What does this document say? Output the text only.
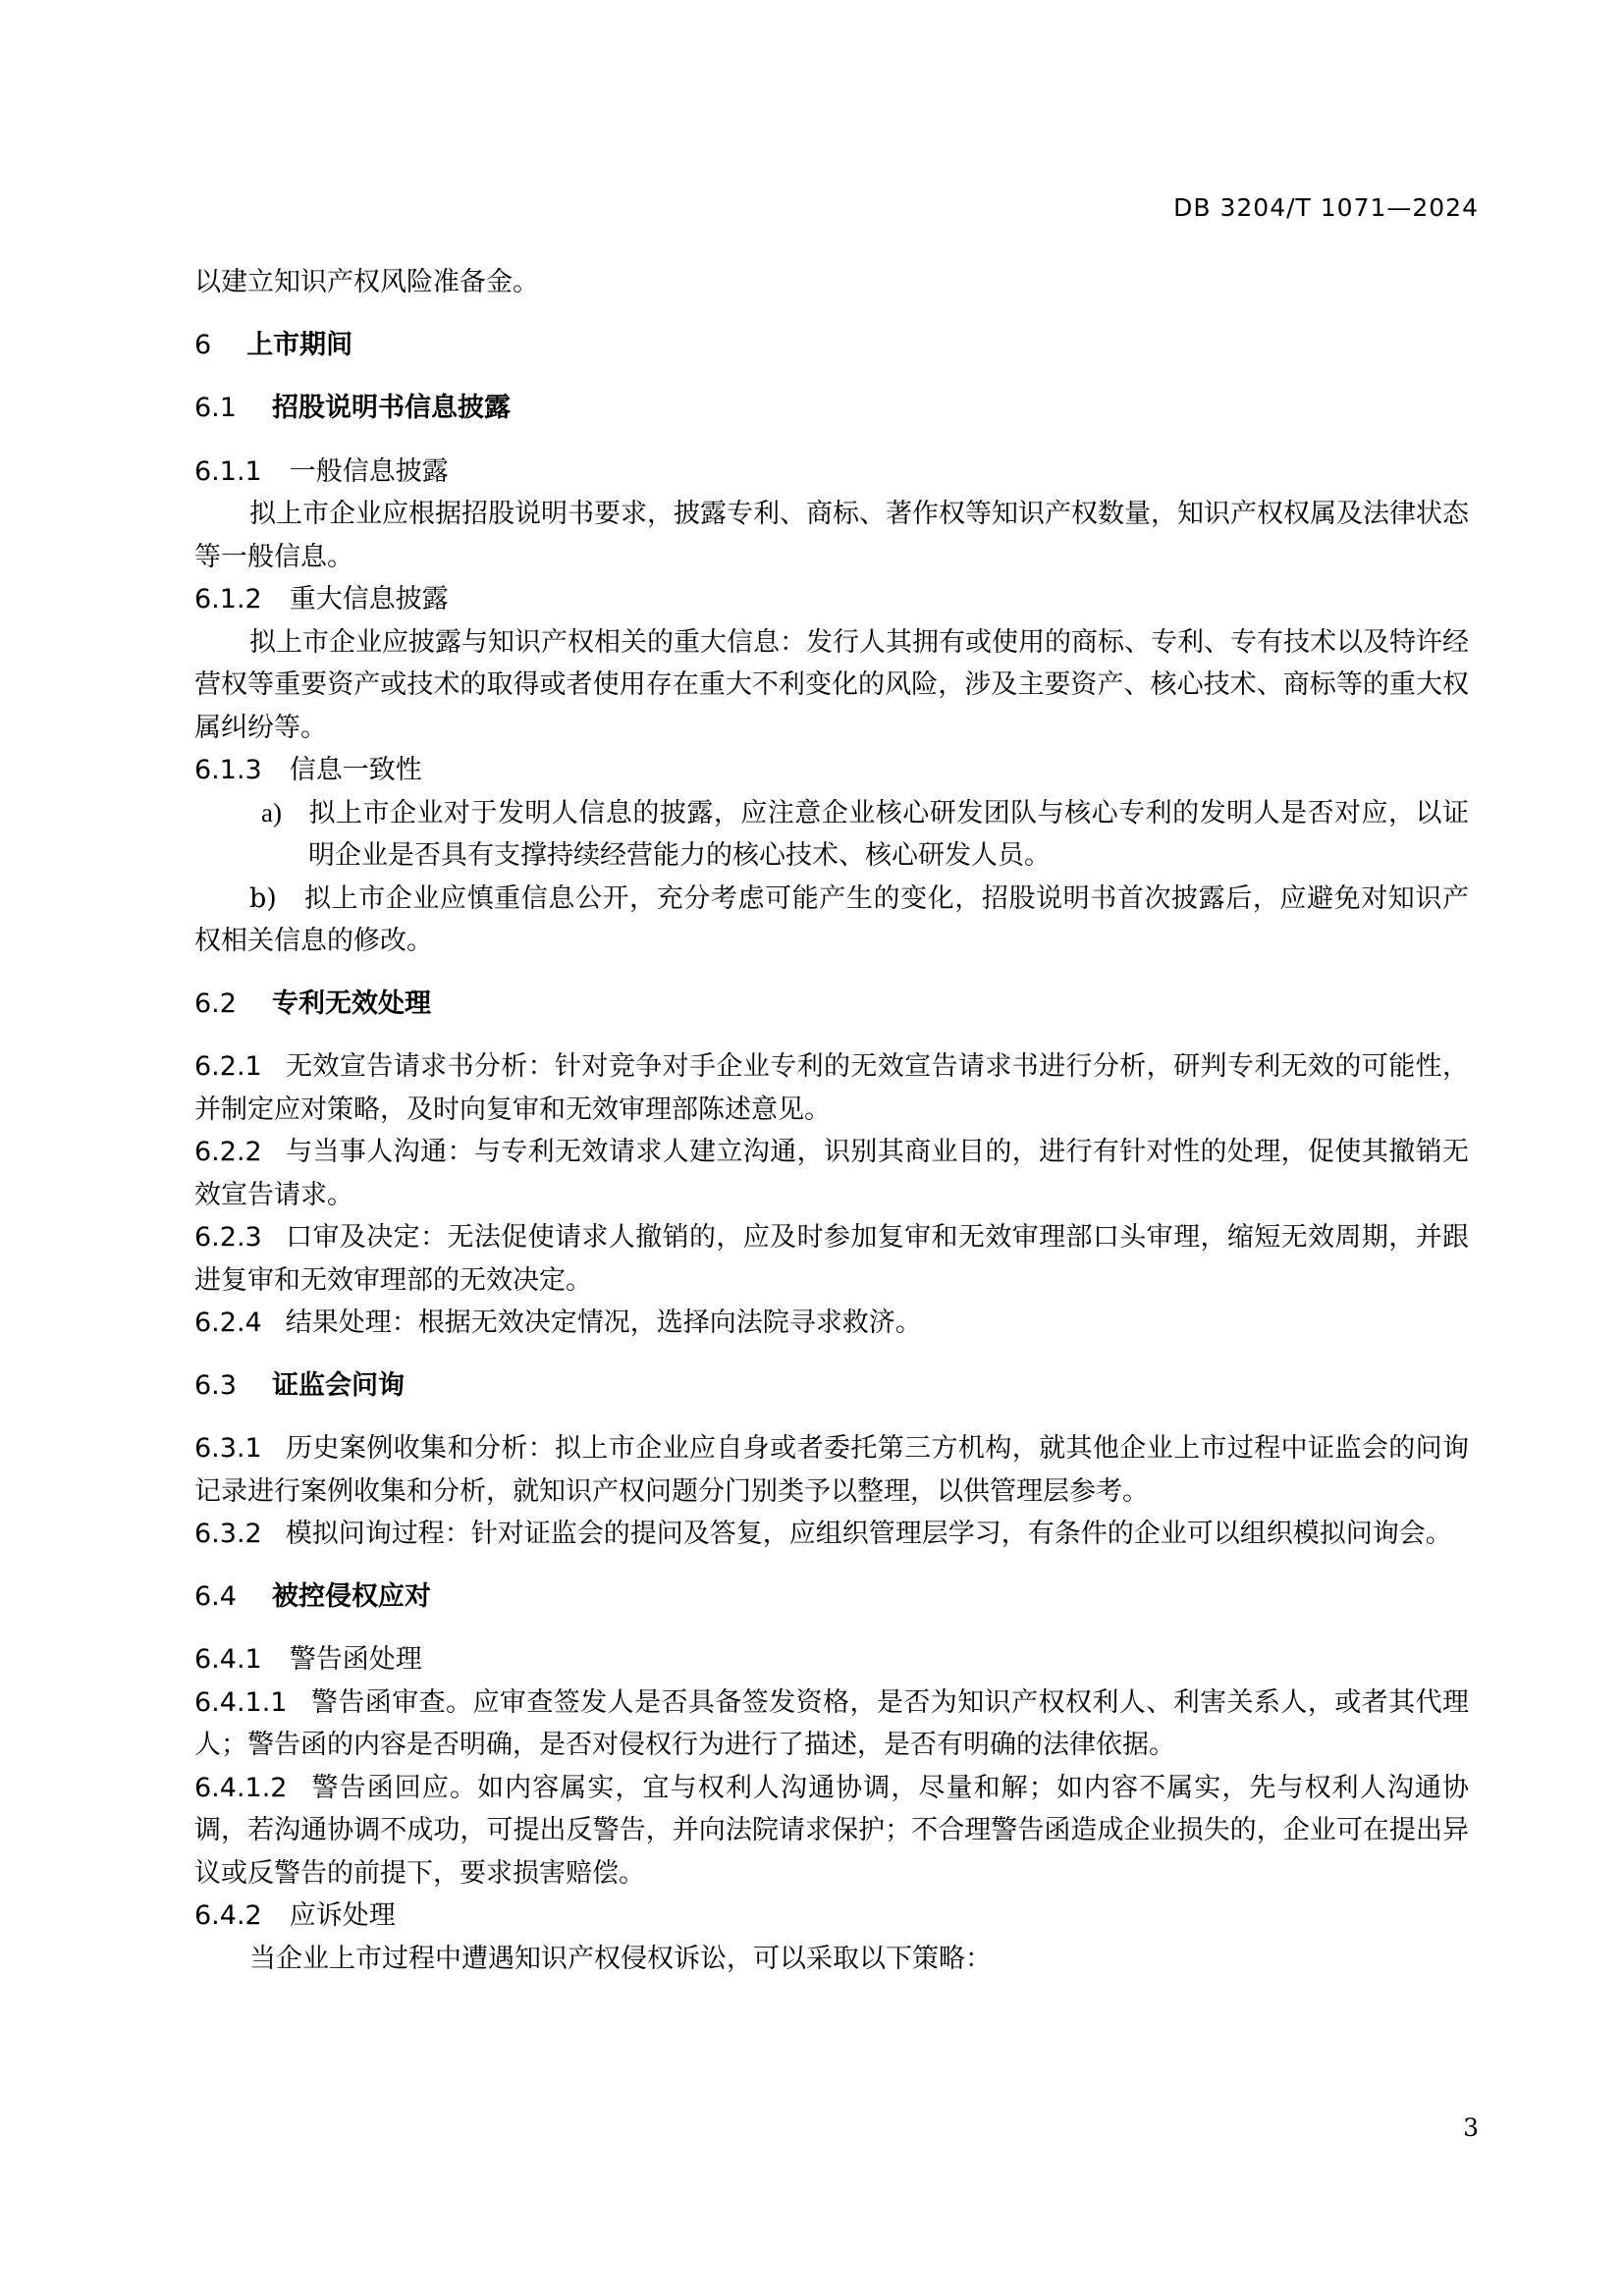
DB 3204/T 1071—2024
以建立知识产权风险准备金。
6 上市期间
6.1 招股说明书信息披露
6.1.1 一般信息披露
拟上市企业应根据招股说明书要求，披露专利、商标、著作权等知识产权数量，知识产权权属及法律状态等一般信息。
6.1.2 重大信息披露
拟上市企业应披露与知识产权相关的重大信息：发行人其拥有或使用的商标、专利、专有技术以及特许经营权等重要资产或技术的取得或者使用存在重大不利变化的风险，涉及主要资产、核心技术、商标等的重大权属纠纷等。
6.1.3 信息一致性
a) 拟上市企业对于发明人信息的披露，应注意企业核心研发团队与核心专利的发明人是否对应，以证明企业是否具有支撑持续经营能力的核心技术、核心研发人员。
b)　拟上市企业应慎重信息公开，充分考虑可能产生的变化，招股说明书首次披露后，应避免对知识产权相关信息的修改。
6.2 专利无效处理
6.2.1 无效宣告请求书分析：针对竞争对手企业专利的无效宣告请求书进行分析，研判专利无效的可能性，并制定应对策略，及时向复审和无效审理部陈述意见。
6.2.2 与当事人沟通：与专利无效请求人建立沟通，识别其商业目的，进行有针对性的处理，促使其撤销无效宣告请求。
6.2.3 口审及决定：无法促使请求人撤销的，应及时参加复审和无效审理部口头审理，缩短无效周期，并跟进复审和无效审理部的无效决定。
6.2.4 结果处理：根据无效决定情况，选择向法院寻求救济。
6.3 证监会问询
6.3.1 历史案例收集和分析：拟上市企业应自身或者委托第三方机构，就其他企业上市过程中证监会的问询记录进行案例收集和分析，就知识产权问题分门别类予以整理，以供管理层参考。
6.3.2 模拟问询过程：针对证监会的提问及答复，应组织管理层学习，有条件的企业可以组织模拟问询会。
6.4 被控侵权应对
6.4.1 警告函处理
6.4.1.1 警告函审查。应审查签发人是否具备签发资格，是否为知识产权权利人、利害关系人，或者其代理人；警告函的内容是否明确，是否对侵权行为进行了描述，是否有明确的法律依据。
6.4.1.2 警告函回应。如内容属实，宜与权利人沟通协调，尽量和解；如内容不属实，先与权利人沟通协调，若沟通协调不成功，可提出反警告，并向法院请求保护；不合理警告函造成企业损失的，企业可在提出异议或反警告的前提下，要求损害赔偿。
6.4.2 应诉处理
当企业上市过程中遭遇知识产权侵权诉讼，可以采取以下策略：
3
